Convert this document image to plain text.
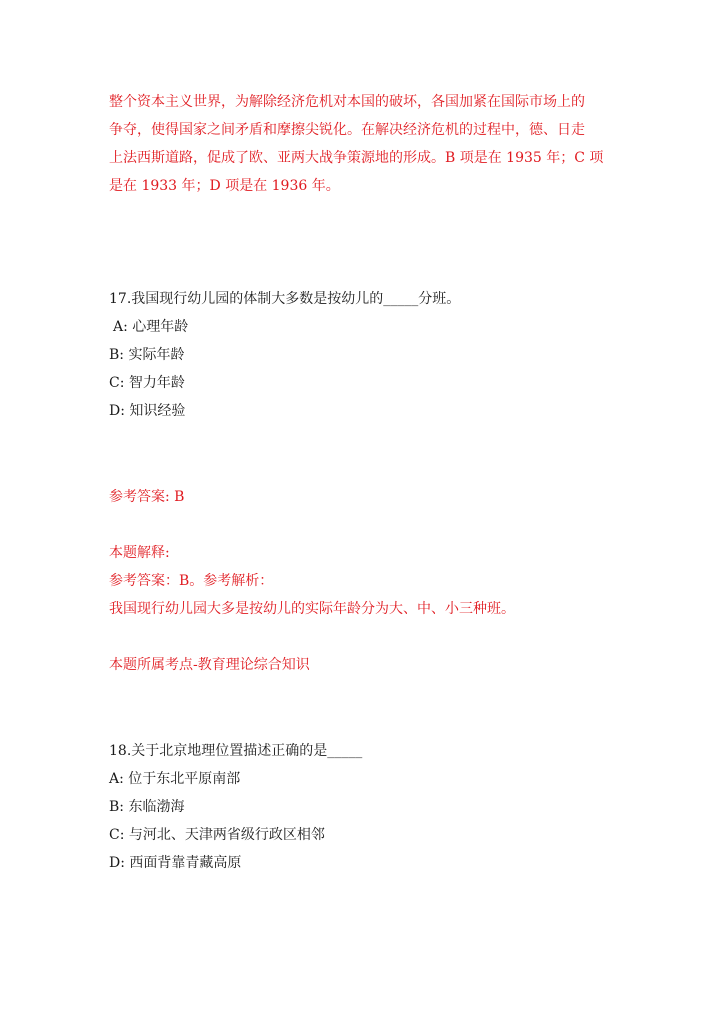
整个资本主义世界，为解除经济危机对本国的破坏，各国加紧在国际市场上的

争夺，使得国家之间矛盾和摩擦尖锐化。在解决经济危机的过程中，德、日走

上法西斯道路，促成了欧、亚两大战争策源地的形成。B 项是在 1935 年；C 项

是在 1933 年；D 项是在 1936 年。

17.我国现行幼儿园的体制大多数是按幼儿的_____分班。

A: 心理年龄

B: 实际年龄

C: 智力年龄

D: 知识经验

参考答案: B

本题解释:

参考答案：B。参考解析：

我国现行幼儿园大多是按幼儿的实际年龄分为大、中、小三种班。

本题所属考点-教育理论综合知识

18.关于北京地理位置描述正确的是_____

A: 位于东北平原南部

B: 东临渤海

C: 与河北、天津两省级行政区相邻

D: 西面背靠青藏高原
